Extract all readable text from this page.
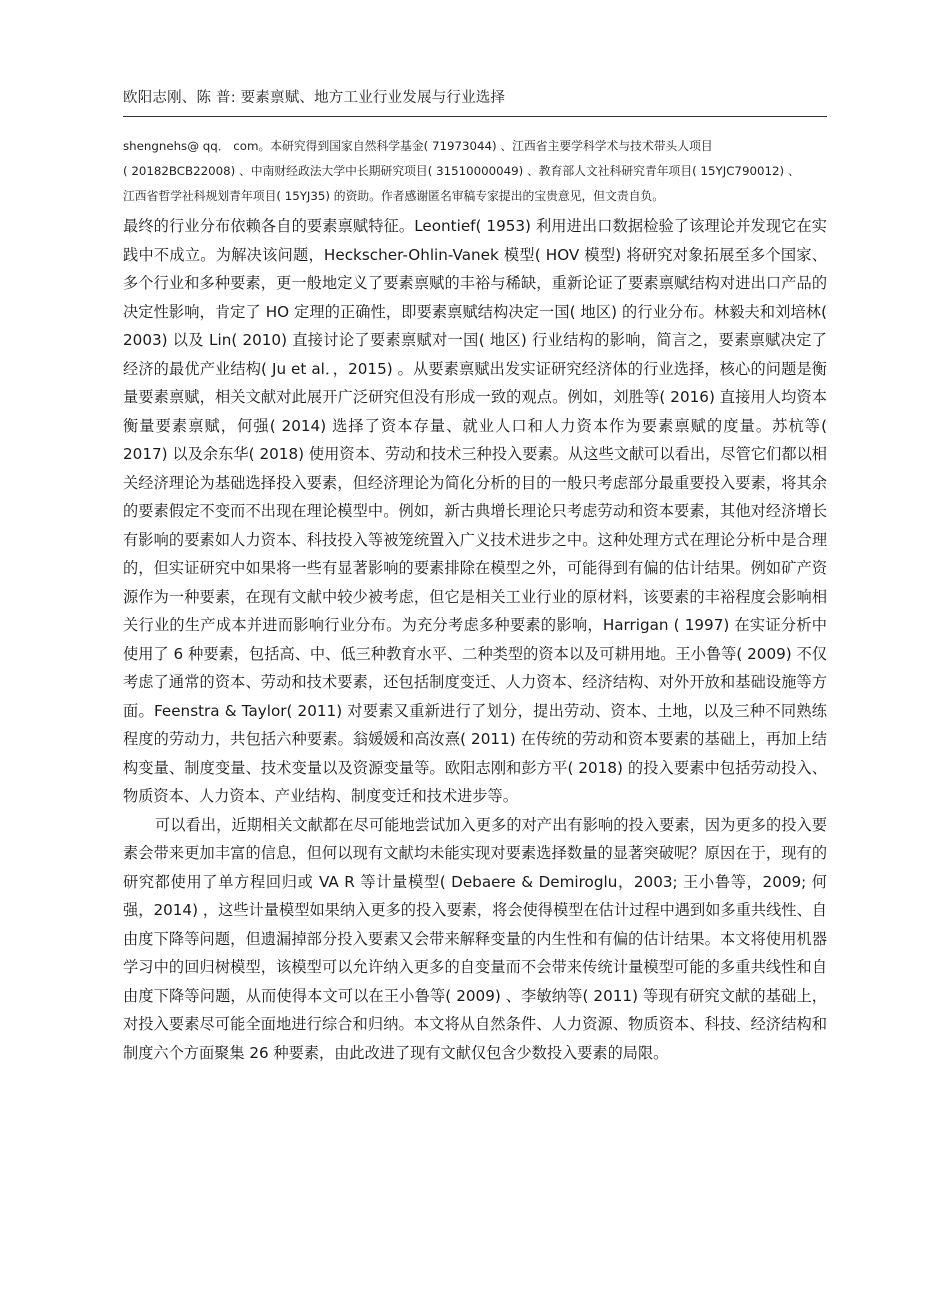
欧阳志刚、陈 普: 要素禀赋、地方工业行业发展与行业选择

shengnehs@ qq． com。本研究得到国家自然科学基金( 71973044) 、江西省主要学科学术与技术带头人项目

( 20182BCB22008) 、中南财经政法大学中长期研究项目( 31510000049) 、教育部人文社科研究青年项目( 15YJC790012) 、

江西省哲学社科规划青年项目( 15YJ35) 的资助。作者感谢匿名审稿专家提出的宝贵意见，但文责自负。

最终的行业分布依赖各自的要素禀赋特征。Leontief( 1953) 利用进出口数据检验了该理论并发现它在实践中不成立。为解决该问题，Heckscher-Ohlin-Vanek 模型( HOV 模型) 将研究对象拓展至多个国家、多个行业和多种要素，更一般地定义了要素禀赋的丰裕与稀缺，重新论证了要素禀赋结构对进出口产品的决定性影响，肯定了 HO 定理的正确性，即要素禀赋结构决定一国( 地区) 的行业分布。林毅夫和刘培林( 2003) 以及 Lin( 2010) 直接讨论了要素禀赋对一国( 地区) 行业结构的影响，简言之，要素禀赋决定了经济的最优产业结构( Ju et al．，2015) 。从要素禀赋出发实证研究经济体的行业选择，核心的问题是衡量要素禀赋，相关文献对此展开广泛研究但没有形成一致的观点。例如，刘胜等( 2016) 直接用人均资本衡量要素禀赋，何强( 2014) 选择了资本存量、就业人口和人力资本作为要素禀赋的度量。苏杭等( 2017) 以及余东华( 2018) 使用资本、劳动和技术三种投入要素。从这些文献可以看出，尽管它们都以相关经济理论为基础选择投入要素，但经济理论为简化分析的目的一般只考虑部分最重要投入要素，将其余的要素假定不变而不出现在理论模型中。例如，新古典增长理论只考虑劳动和资本要素，其他对经济增长有影响的要素如人力资本、科技投入等被笼统置入广义技术进步之中。这种处理方式在理论分析中是合理的，但实证研究中如果将一些有显著影响的要素排除在模型之外，可能得到有偏的估计结果。例如矿产资源作为一种要素，在现有文献中较少被考虑，但它是相关工业行业的原材料，该要素的丰裕程度会影响相关行业的生产成本并进而影响行业分布。为充分考虑多种要素的影响，Harrigan ( 1997) 在实证分析中使用了 6 种要素，包括高、中、低三种教育水平、二种类型的资本以及可耕用地。王小鲁等( 2009) 不仅考虑了通常的资本、劳动和技术要素，还包括制度变迁、人力资本、经济结构、对外开放和基础设施等方面。Feenstra & Taylor( 2011) 对要素又重新进行了划分，提出劳动、资本、土地，以及三种不同熟练程度的劳动力，共包括六种要素。翁媛媛和高汝熹( 2011) 在传统的劳动和资本要素的基础上，再加上结构变量、制度变量、技术变量以及资源变量等。欧阳志刚和彭方平( 2018) 的投入要素中包括劳动投入、物质资本、人力资本、产业结构、制度变迁和技术进步等。

可以看出，近期相关文献都在尽可能地尝试加入更多的对产出有影响的投入要素，因为更多的投入要素会带来更加丰富的信息，但何以现有文献均未能实现对要素选择数量的显著突破呢？原因在于，现有的研究都使用了单方程回归或 VA R 等计量模型( Debaere & Demiroglu，2003; 王小鲁等，2009; 何强，2014) ，这些计量模型如果纳入更多的投入要素，将会使得模型在估计过程中遇到如多重共线性、自由度下降等问题，但遗漏掉部分投入要素又会带来解释变量的内生性和有偏的估计结果。本文将使用机器学习中的回归树模型，该模型可以允许纳入更多的自变量而不会带来传统计量模型可能的多重共线性和自由度下降等问题，从而使得本文可以在王小鲁等( 2009) 、李敏纳等( 2011) 等现有研究文献的基础上，对投入要素尽可能全面地进行综合和归纳。本文将从自然条件、人力资源、物质资本、科技、经济结构和制度六个方面聚集 26 种要素，由此改进了现有文献仅包含少数投入要素的局限。
